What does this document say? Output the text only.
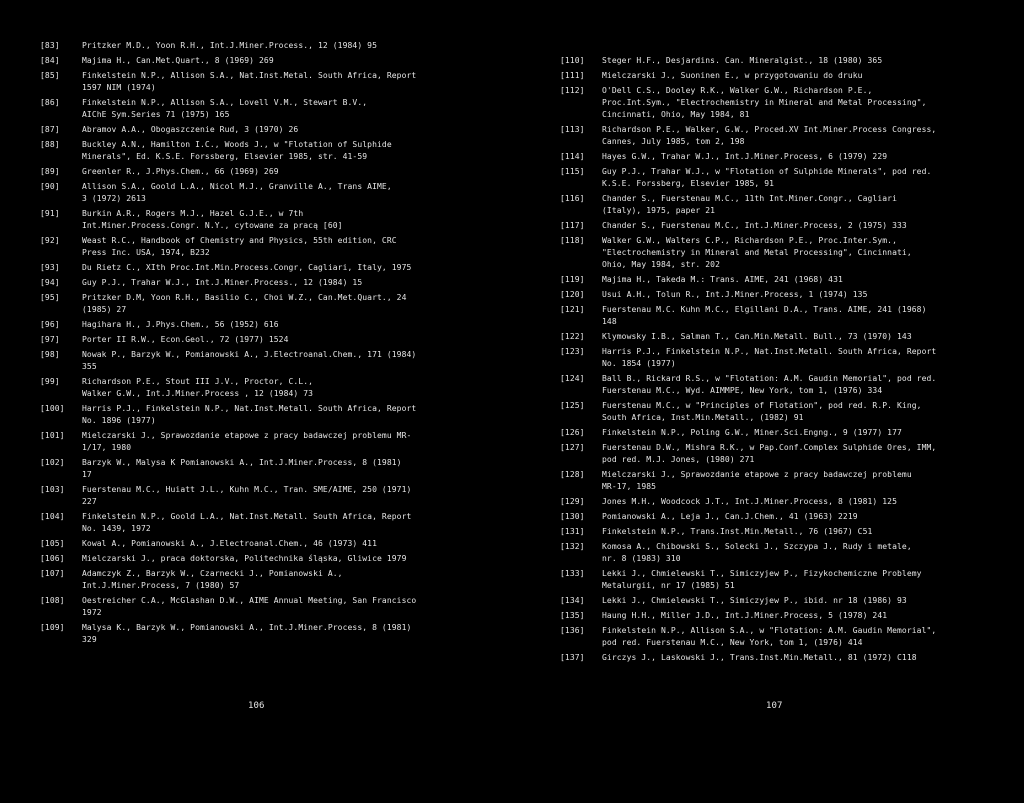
[83]	Pritzker M.D., Yoon R.H., Int.J.Miner.Process., 12 (1984) 95
[84]	Majima H., Can.Met.Quart., 8 (1969) 269
[85]	Finkelstein N.P., Allison S.A., Nat.Inst.Metal. South Africa, Report
1597 NIM (1974)
[86]	Finkelstein N.P., Allison S.A., Lovell V.M., Stewart B.V.,
AIChE Sym.Series 71 (1975) 165
[87]	Abramov A.A., Obogaszczenie Rud, 3 (1970) 26
[88]	Buckley A.N., Hamilton I.C., Woods J., w "Flotation of Sulphide
Minerals", Ed. K.S.E. Forssberg, Elsevier 1985, str. 41-59
[89]	Greenler R., J.Phys.Chem., 66 (1969) 269
[90]	Allison S.A., Goold L.A., Nicol M.J., Granville A., Trans AIME,
3 (1972) 2613
[91]	Burkin A.R., Rogers M.J., Hazel G.J.E., w 7th
Int.Miner.Process.Congr. N.Y., cytowane za pracą [60]
[92]	Weast R.C., Handbook of Chemistry and Physics, 55th edition, CRC
Press Inc. USA, 1974, B232
[93]	Du Rietz C., XIth Proc.Int.Min.Process.Congr, Cagliari, Italy, 1975
[94]	Guy P.J., Trahar W.J., Int.J.Miner.Process., 12 (1984) 15
[95]	Pritzker D.M, Yoon R.H., Basilio C., Choi W.Z., Can.Met.Quart., 24
(1985) 27
[96]	Hagihara H., J.Phys.Chem., 56 (1952) 616
[97]	Porter II R.W., Econ.Geol., 72 (1977) 1524
[98]	Nowak P., Barzyk W., Pomianowski A., J.Electroanal.Chem., 171 (1984)
355
[99]	Richardson P.E., Stout III J.V., Proctor, C.L.,
Walker G.W., Int.J.Miner.Process , 12 (1984) 73
[100]	Harris P.J., Finkelstein N.P., Nat.Inst.Metall. South Africa, Report
No. 1896 (1977)
[101]	Mielczarski J., Sprawozdanie etapowe z pracy badawczej problemu MR-
1/17, 1980
[102]	Barzyk W., Malysa K Pomianowski A., Int.J.Miner.Process, 8 (1981)
17
[103]	Fuerstenau M.C., Huiatt J.L., Kuhn M.C., Tran. SME/AIME, 250 (1971)
227
[104]	Finkelstein N.P., Goold L.A., Nat.Inst.Metall. South Africa, Report
No. 1439, 1972
[105]	Kowal A., Pomianowski A., J.Electroanal.Chem., 46 (1973) 411
[106]	Mielczarski J., praca doktorska, Politechnika śląska, Gliwice 1979
[107]	Adamczyk Z., Barzyk W., Czarnecki J., Pomianowski A.,
Int.J.Miner.Process, 7 (1980) 57
[108]	Oestreicher C.A., McGlashan D.W., AIME Annual Meeting, San Francisco
1972
[109]	Malysa K., Barzyk W., Pomianowski A., Int.J.Miner.Process, 8 (1981)
329
106
[110]	Steger H.F., Desjardins. Can. Mineralgist., 18 (1980) 365
[111]	Mielczarski J., Suoninen E., w przygotowaniu do druku
[112]	O'Dell C.S., Dooley R.K., Walker G.W., Richardson P.E.,
Proc.Int.Sym., "Electrochemistry in Mineral and Metal Processing",
Cincinnati, Ohio, May 1984, 81
[113]	Richardson P.E., Walker, G.W., Proced.XV Int.Miner.Process Congress,
Cannes, July 1985, tom 2, 198
[114]	Hayes G.W., Trahar W.J., Int.J.Miner.Process, 6 (1979) 229
[115]	Guy P.J., Trahar W.J., w "Flotation of Sulphide Minerals", pod red.
K.S.E. Forssberg, Elsevier 1985, 91
[116]	Chander S., Fuerstenau M.C., 11th Int.Miner.Congr., Cagliari
(Italy), 1975, paper 21
[117]	Chander S., Fuerstenau M.C., Int.J.Miner.Process, 2 (1975) 333
[118]	Walker G.W., Walters C.P., Richardson P.E., Proc.Inter.Sym.,
"Electrochemistry in Mineral and Metal Processing", Cincinnati,
Ohio, May 1984, str. 202
[119]	Majima H., Takeda M.: Trans. AIME, 241 (1968) 431
[120]	Usui A.H., Tolun R., Int.J.Miner.Process, 1 (1974) 135
[121]	Fuerstenau M.C. Kuhn M.C., Elgillani D.A., Trans. AIME, 241 (1968)
148
[122]	Klymowsky I.B., Salman T., Can.Min.Metall. Bull., 73 (1970) 143
[123]	Harris P.J., Finkelstein N.P., Nat.Inst.Metall. South Africa, Report
No. 1854 (1977)
[124]	Ball B., Rickard R.S., w "Flotation: A.M. Gaudin Memorial", pod red.
Fuerstenau M.C., Wyd. AIMMPE, New York, tom 1, (1976) 334
[125]	Fuerstenau M.C., w "Principles of Flotation", pod red. R.P. King,
South Africa, Inst.Min.Metall., (1982) 91
[126]	Finkelstein N.P., Poling G.W., Miner.Sci.Engng., 9 (1977) 177
[127]	Fuerstenau D.W., Mishra R.K., w Pap.Conf.Complex Sulphide Ores, IMM,
pod red. M.J. Jones, (1980) 271
[128]	Mielczarski J., Sprawozdanie etapowe z pracy badawczej problemu
MR-17, 1985
[129]	Jones M.H., Woodcock J.T., Int.J.Miner.Process, 8 (1981) 125
[130]	Pomianowski A., Leja J., Can.J.Chem., 41 (1963) 2219
[131]	Finkelstein N.P., Trans.Inst.Min.Metall., 76 (1967) C51
[132]	Komosa A., Chibowski S., Solecki J., Szczypa J., Rudy i metale,
nr. 8 (1983) 310
[133]	Lekki J., Chmielewski T., Simiczyjew P., Fizykochemiczne Problemy
Metalurgii, nr 17 (1985) 51
[134]	Lekki J., Chmielewski T., Simiczyjew P., ibid. nr 18 (1986) 93
[135]	Haung H.H., Miller J.D., Int.J.Miner.Process, 5 (1978) 241
[136]	Finkelstein N.P., Allison S.A., w "Flotation: A.M. Gaudin Memorial",
pod red. Fuerstenau M.C., New York, tom 1, (1976) 414
[137]	Girczys J., Laskowski J., Trans.Inst.Min.Metall., 81 (1972) C118
107
